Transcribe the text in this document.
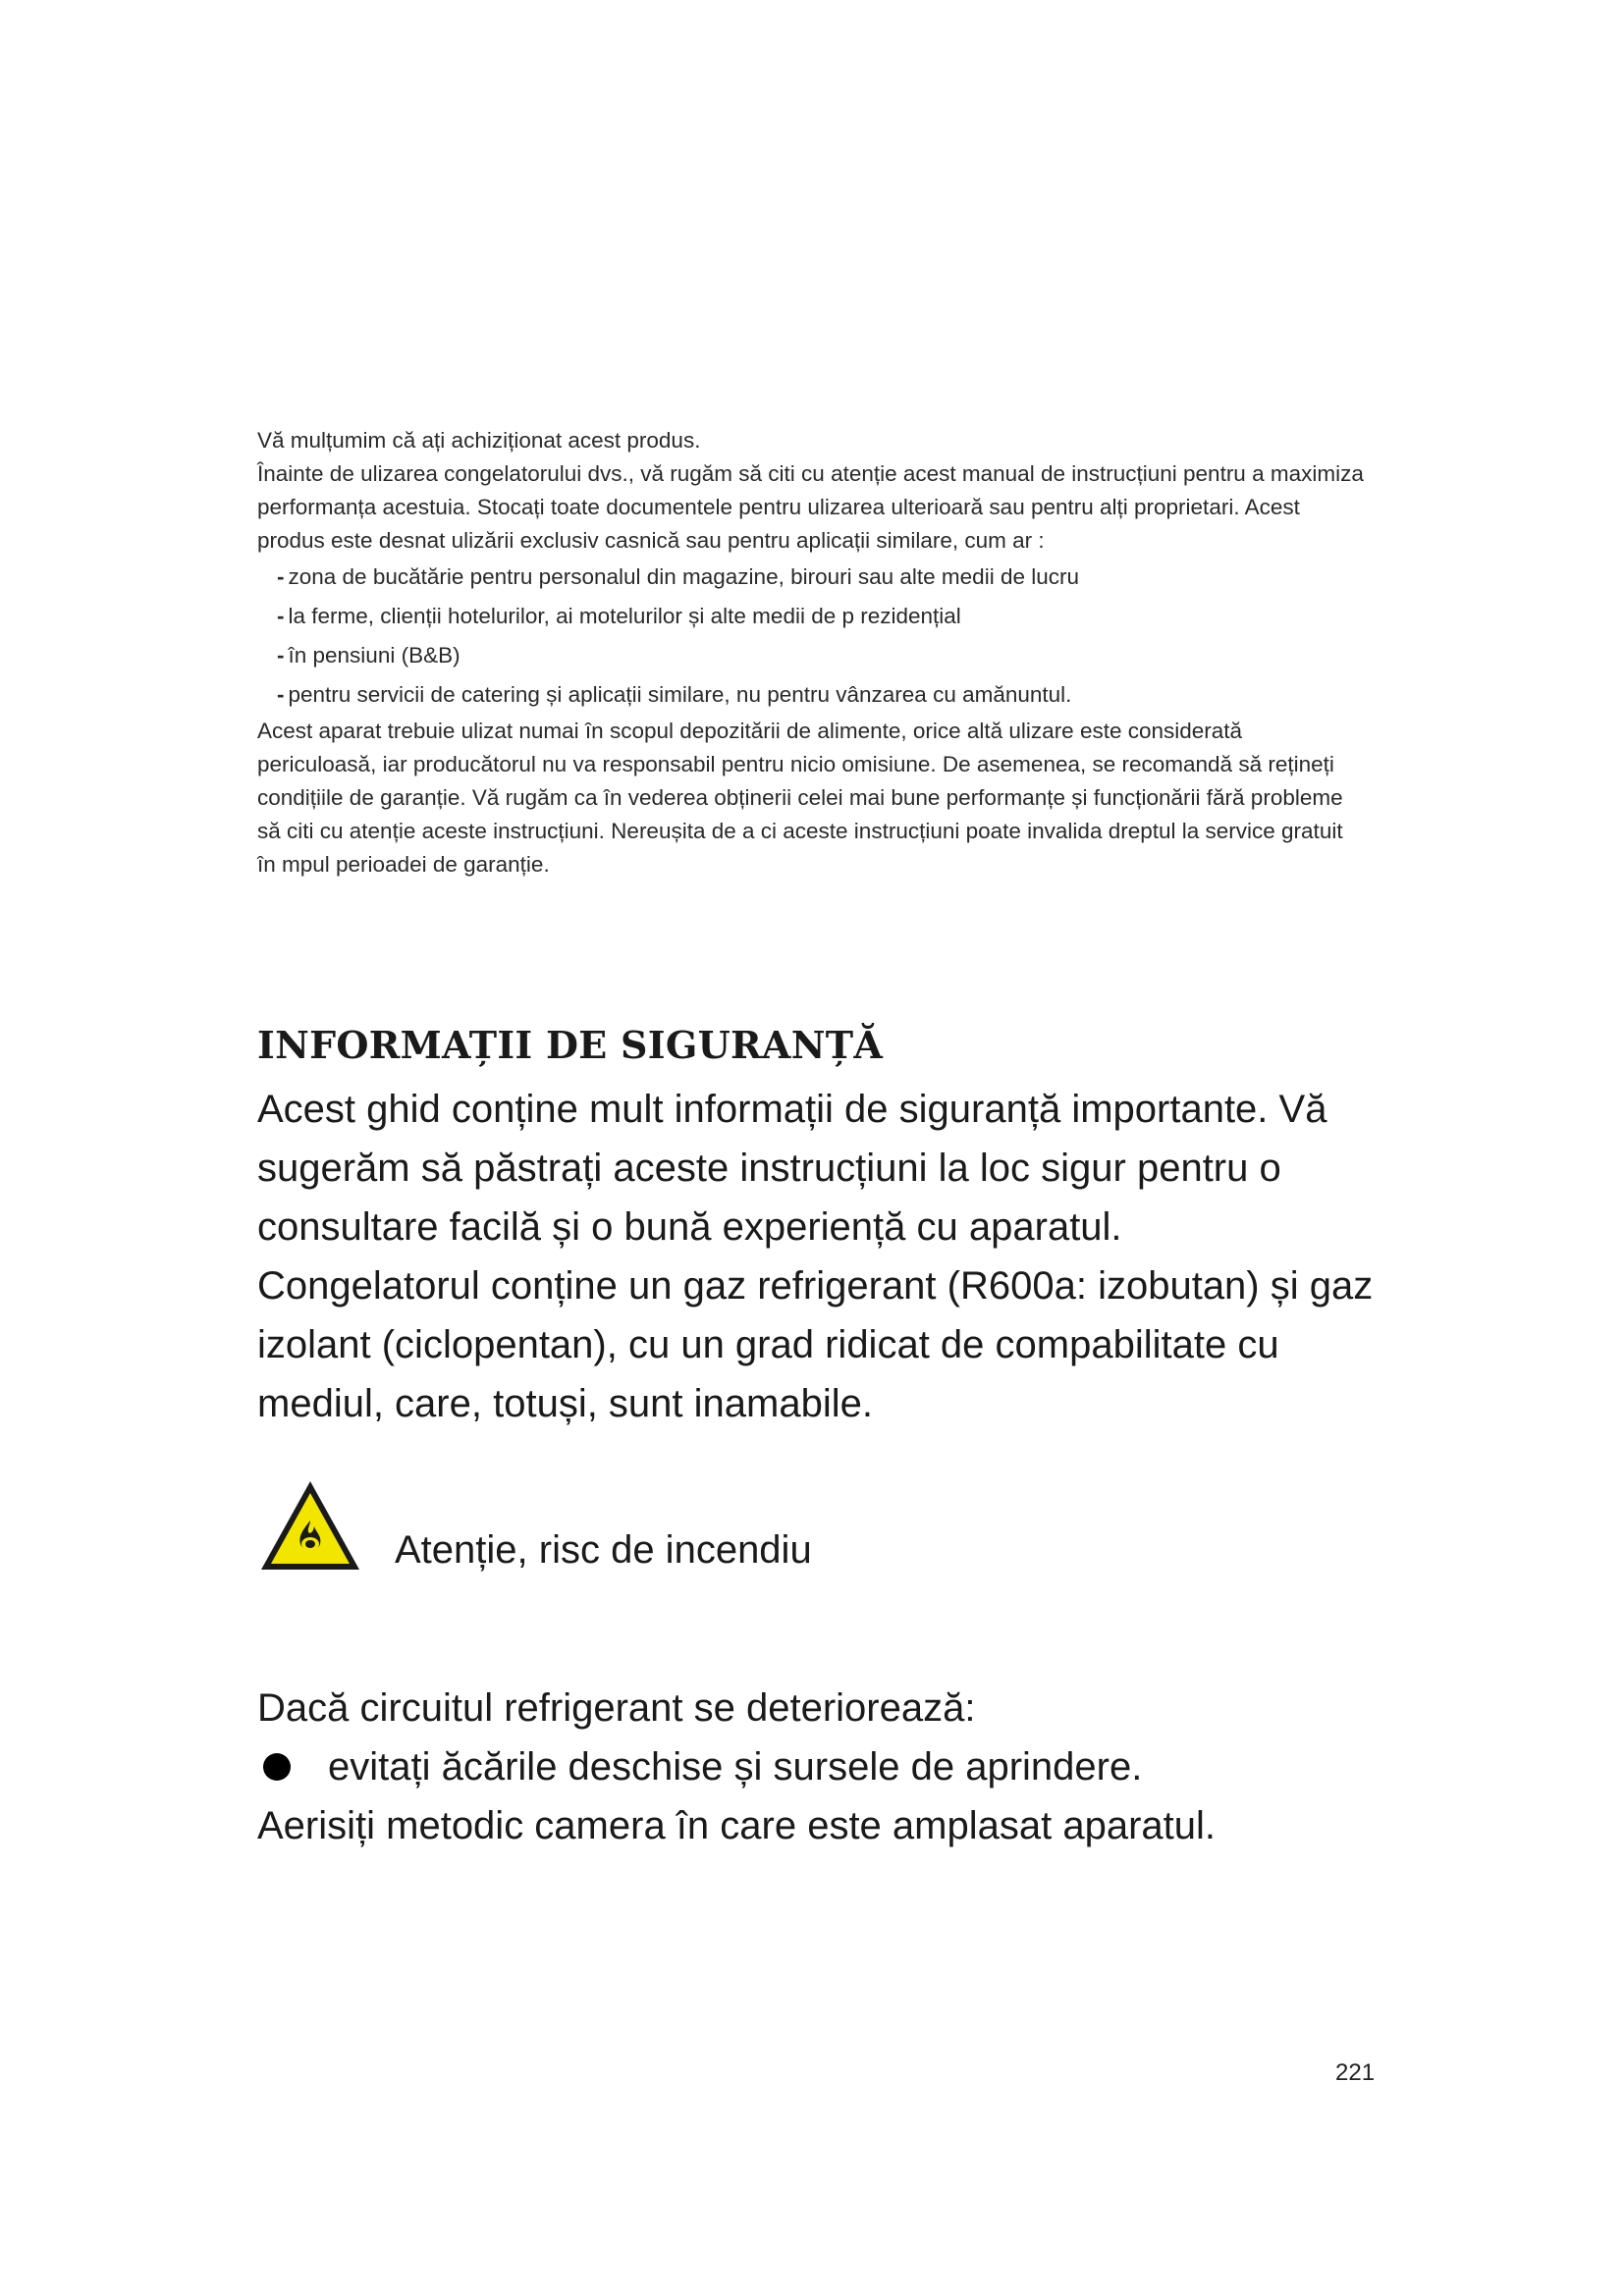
Vă mulțumim că ați achiziționat acest produs.

Înainte de ulizarea congelatorului dvs., vă rugăm să citi cu atenție acest manual de instrucțiuni pentru a maximiza performanța acestuia. Stocați toate documentele pentru ulizarea ulterioară sau pentru alți proprietari. Acest produs este desnat ulizării exclusiv casnică sau pentru aplicații similare, cum ar :

- zona de bucătărie pentru personalul din magazine, birouri sau alte medii de lucru
- la ferme, clienții hotelurilor, ai motelurilor și alte medii de p rezidențial
- în pensiuni (B&B)
- pentru servicii de catering și aplicații similare, nu pentru vânzarea cu amănuntul.

Acest aparat trebuie ulizat numai în scopul depozitării de alimente, orice altă ulizare este considerată periculoasă, iar producătorul nu va responsabil pentru nicio omisiune. De asemenea, se recomandă să rețineți condițiile de garanție. Vă rugăm ca în vederea obținerii celei mai bune performanțe și funcționării fără probleme să citi cu atenție aceste instrucțiuni. Nereușita de a ci aceste instrucțiuni poate invalida dreptul la service gratuit în mpul perioadei de garanție.

INFORMAȚII DE SIGURANȚĂ

Acest ghid conține mult informații de siguranță importante. Vă sugerăm să păstrați aceste instrucțiuni la loc sigur pentru o consultare facilă și o bună experiență cu aparatul.

Congelatorul conține un gaz refrigerant (R600a: izobutan) și gaz izolant (ciclopentan), cu un grad ridicat de compabilitate cu mediul, care, totuși, sunt inamabile.

Atenție, risc de incendiu

Dacă circuitul refrigerant se deteriorează:

evitați ăcările deschise și sursele de aprindere.

Aerisiți metodic camera în care este amplasat aparatul.

221
